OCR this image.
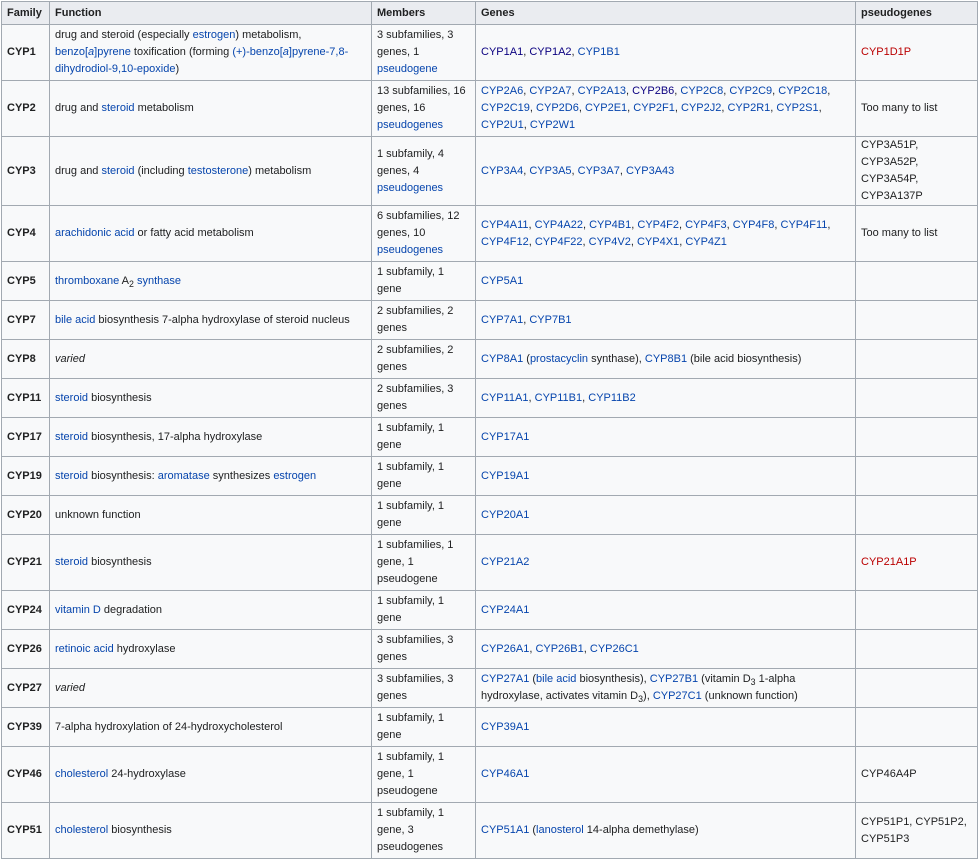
Family	Function	Members	Genes	pseudogenes
CYP1	drug and steroid (especially estrogen) metabolism, benzo[a]pyrene toxification (forming (+)-benzo[a]pyrene-7,8-dihydrodiol-9,10-epoxide)	3 subfamilies, 3 genes, 1 pseudogene	CYP1A1, CYP1A2, CYP1B1	CYP1D1P
CYP2	drug and steroid metabolism	13 subfamilies, 16 genes, 16 pseudogenes	CYP2A6, CYP2A7, CYP2A13, CYP2B6, CYP2C8, CYP2C9, CYP2C18, CYP2C19, CYP2D6, CYP2E1, CYP2F1, CYP2J2, CYP2R1, CYP2S1, CYP2U1, CYP2W1	Too many to list
CYP3	drug and steroid (including testosterone) metabolism	1 subfamily, 4 genes, 4 pseudogenes	CYP3A4, CYP3A5, CYP3A7, CYP3A43	CYP3A51P, CYP3A52P, CYP3A54P, CYP3A137P
CYP4	arachidonic acid or fatty acid metabolism	6 subfamilies, 12 genes, 10 pseudogenes	CYP4A11, CYP4A22, CYP4B1, CYP4F2, CYP4F3, CYP4F8, CYP4F11, CYP4F12, CYP4F22, CYP4V2, CYP4X1, CYP4Z1	Too many to list
CYP5	thromboxane $A_2$ synthase	1 subfamily, 1 gene	CYP5A1	
CYP7	bile acid biosynthesis 7-alpha hydroxylase of steroid nucleus	2 subfamilies, 2 genes	CYP7A1, CYP7B1	
CYP8	varied	2 subfamilies, 2 genes	CYP8A1 (prostacyclin synthase), CYP8B1 (bile acid biosynthesis)	
CYP11	steroid biosynthesis	2 subfamilies, 3 genes	CYP11A1, CYP11B1, CYP11B2	
CYP17	steroid biosynthesis, 17-alpha hydroxylase	1 subfamily, 1 gene	CYP17A1	
CYP19	steroid biosynthesis: aromatase synthesizes estrogen	1 subfamily, 1 gene	CYP19A1	
CYP20	unknown function	1 subfamily, 1 gene	CYP20A1	
CYP21	steroid biosynthesis	1 subfamilies, 1 gene, 1 pseudogene	CYP21A2	CYP21A1P
CYP24	vitamin D degradation	1 subfamily, 1 gene	CYP24A1	
CYP26	retinoic acid hydroxylase	3 subfamilies, 3 genes	CYP26A1, CYP26B1, CYP26C1	
CYP27	varied	3 subfamilies, 3 genes	CYP27A1 (bile acid biosynthesis), CYP27B1 (vitamin $D_3$ 1-alpha hydroxylase, activates vitamin $D_3$), CYP27C1 (unknown function)	
CYP39	7-alpha hydroxylation of 24-hydroxycholesterol	1 subfamily, 1 gene	CYP39A1	
CYP46	cholesterol 24-hydroxylase	1 subfamily, 1 gene, 1 pseudogene	CYP46A1	CYP46A4P
CYP51	cholesterol biosynthesis	1 subfamily, 1 gene, 3 pseudogenes	CYP51A1 (lanosterol 14-alpha demethylase)	CYP51P1, CYP51P2, CYP51P3
